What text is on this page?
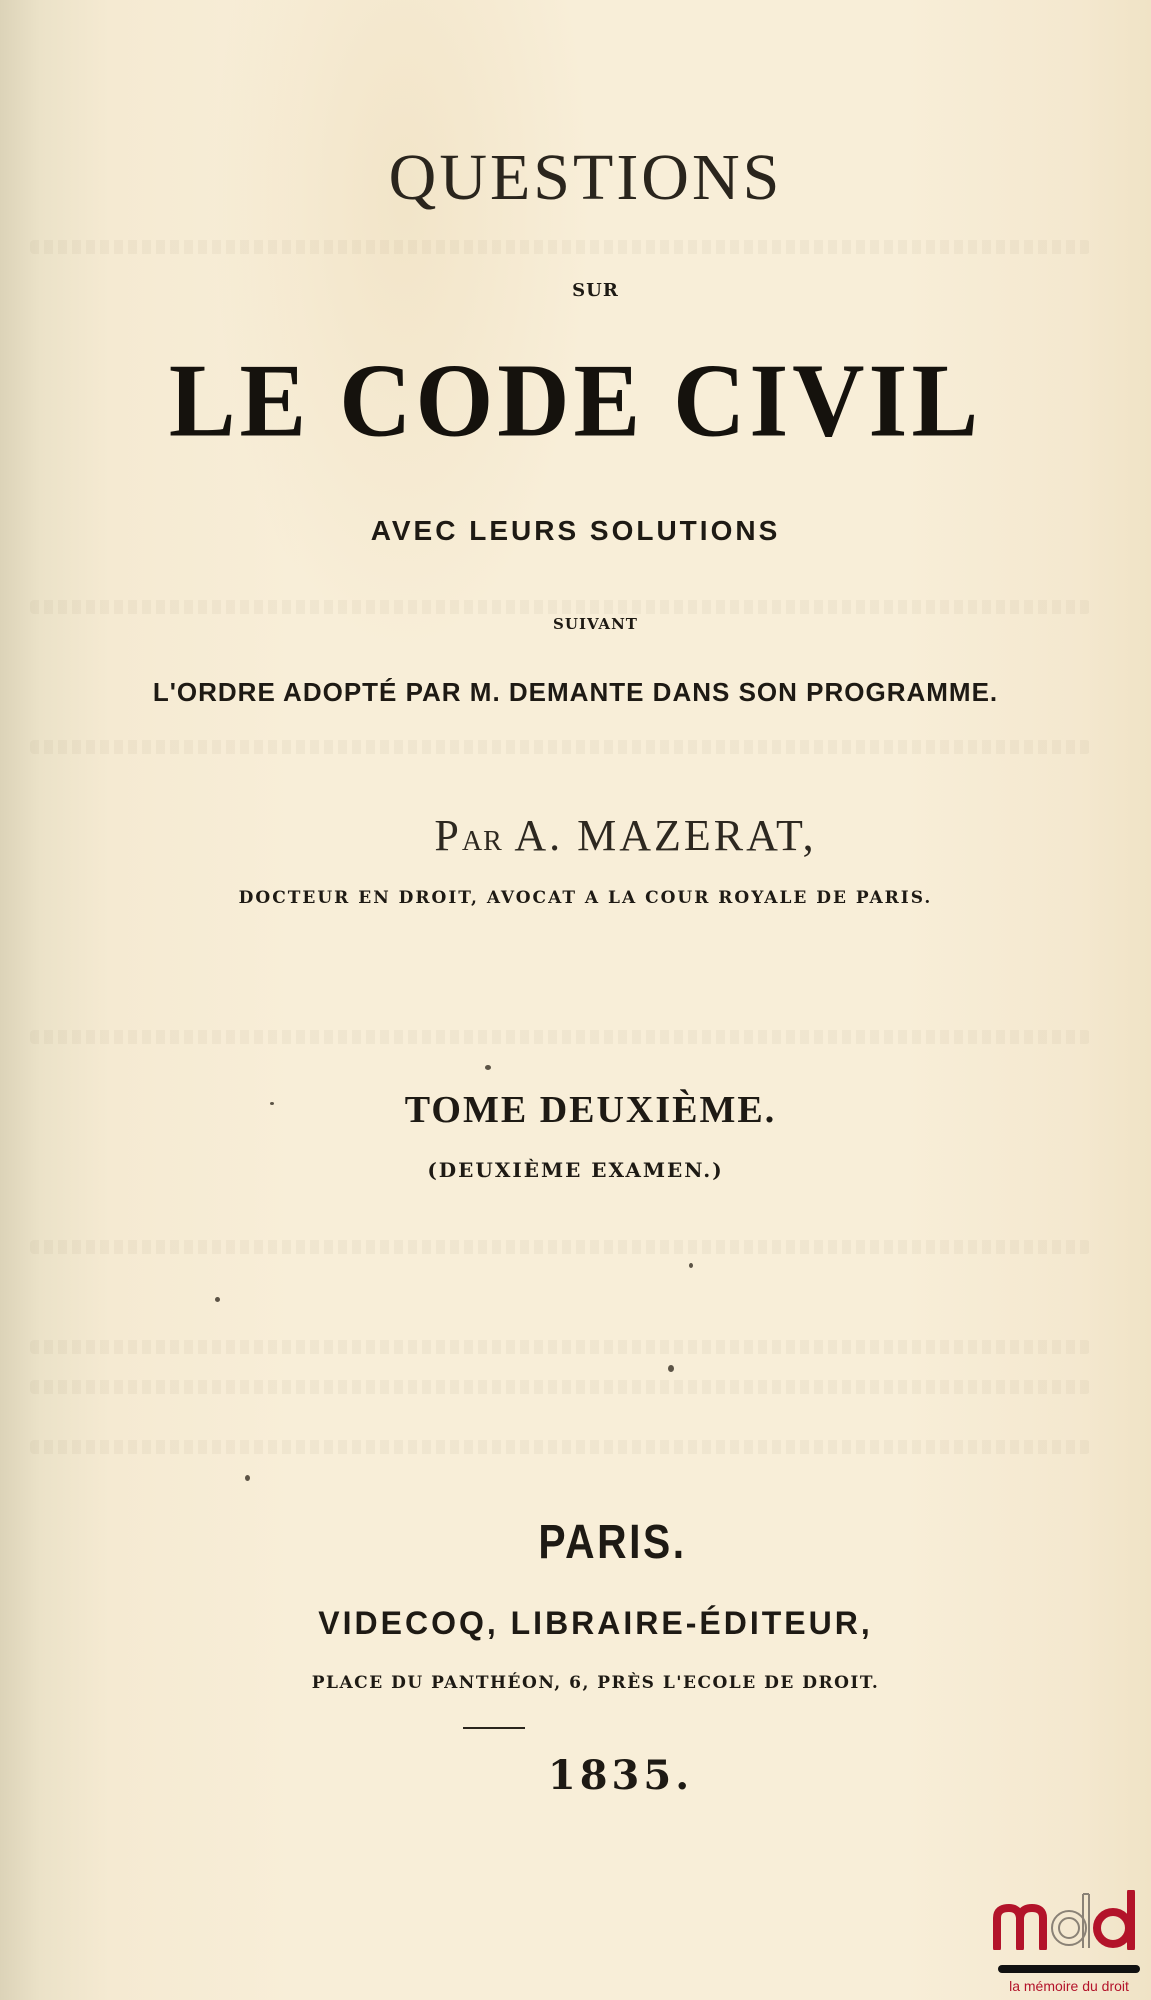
QUESTIONS
SUR
LE CODE CIVIL
AVEC LEURS SOLUTIONS
SUIVANT
L'ORDRE ADOPTÉ PAR M. DEMANTE DANS SON PROGRAMME.
PAR A. MAZERAT,
DOCTEUR EN DROIT, AVOCAT A LA COUR ROYALE DE PARIS.
TOME DEUXIÈME.
(DEUXIÈME EXAMEN.)
PARIS.
VIDECOQ, LIBRAIRE-ÉDITEUR,
PLACE DU PANTHÉON, 6, PRÈS L'ECOLE DE DROIT.
1835.
la mémoire du droit
